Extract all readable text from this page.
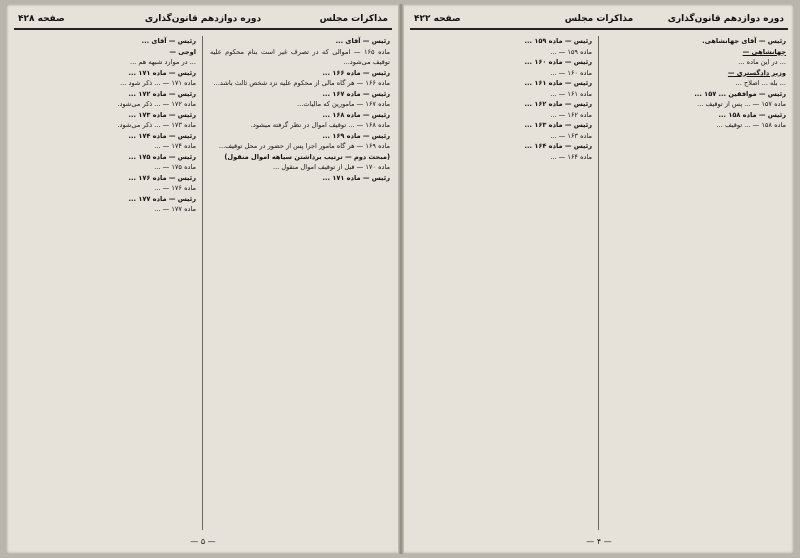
مذاکرات مجلس
دوره دوازدهم قانون‌گذاری
صفحه ۴۲۸

رئیس — آقای ...

ماده ۱۶۵ — اموالی که در تصرف غیر است بنام محکوم علیه توقیف می‌شود...

رئیس — ماده ۱۶۶ ...

ماده ۱۶۶ — هر گاه مالی از محکوم علیه نزد شخص ثالث باشد...

رئیس — ماده ۱۶۷ ...

ماده ۱۶۷ — مامورین که مالیات...

رئیس — ماده ۱۶۸ ...

ماده ۱۶۸ — ... توقیف اموال در نظر گرفته میشود.

رئیس — ماده ۱۶۹ ...

ماده ۱۶۹ — هر گاه مامور اجرا پس از حضور در محل توقیف...

(مبحث دوم — ترتیب برداشتن سیاهه اموال منقول)

ماده ۱۷۰ — قبل از توقیف اموال منقول ...

رئیس — ماده ۱۷۱ ...

رئیس — آقای ...

اوجی —

... در موارد شبهه هم ...

رئیس — ماده ۱۷۱ ...

ماده ۱۷۱ — ... ذکر شود ...

رئیس — ماده ۱۷۲ ...

ماده ۱۷۲ — ... ذکر می‌شود.

رئیس — ماده ۱۷۳ ...

ماده ۱۷۳ — ... ذکر می‌شود.

رئیس — ماده ۱۷۴ ...

ماده ۱۷۴ — ...

رئیس — ماده ۱۷۵ ...

ماده ۱۷۵ — ...

رئیس — ماده ۱۷۶ ...

ماده ۱۷۶ — ...

رئیس — ماده ۱۷۷ ...

ماده ۱۷۷ — ...

— ۵ —
دوره دوازدهم قانون‌گذاری
مذاکرات مجلس
صفحه ۴۲۲

رئیس — آقای جهانشاهی.

جهانشاهی —

... در این ماده ...

وزیر دادگستری —

... بله ... اصلاح ...

رئیس — موافقین ... ۱۵۷ ...

ماده ۱۵۷ — ... پس از توقیف ...

رئیس — ماده ۱۵۸ ...

ماده ۱۵۸ — ... توقیف ...

رئیس — ماده ۱۵۹ ...

ماده ۱۵۹ — ...

رئیس — ماده ۱۶۰ ...

ماده ۱۶۰ — ...

رئیس — ماده ۱۶۱ ...

ماده ۱۶۱ — ...

رئیس — ماده ۱۶۲ ...

ماده ۱۶۲ — ...

رئیس — ماده ۱۶۳ ...

ماده ۱۶۳ — ...

رئیس — ماده ۱۶۴ ...

ماده ۱۶۴ — ...

— ۴ —
